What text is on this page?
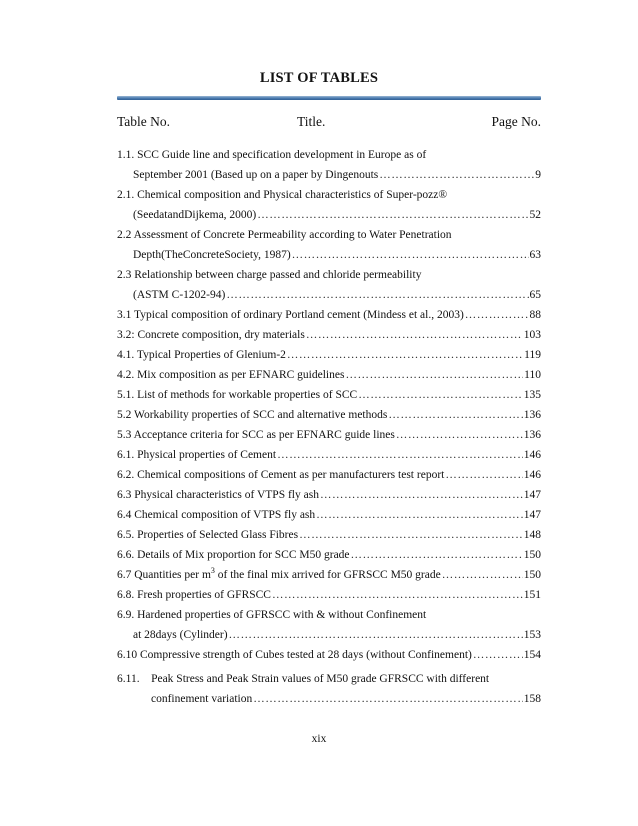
LIST OF TABLES
Table No.	Title.	Page No.
1.1. SCC Guide line and specification development in Europe as of
September 2001 (Based up on a paper by Dingenouts ……………………………………………………………………………………………………………………………………………………………………	9
2.1. Chemical composition and Physical characteristics of Super-pozz®
(SeedatandDijkema, 2000) ……………………………………………………………………………………………………………………………………………………………………	52
2.2 Assessment of Concrete Permeability according to Water Penetration
Depth(TheConcreteSociety, 1987) ……………………………………………………………………………………………………………………………………………………………………	63
2.3 Relationship between charge passed and chloride permeability
(ASTM C-1202-94) ……………………………………………………………………………………………………………………………………………………………………	65
3.1 Typical composition of ordinary Portland cement (Mindess et al., 2003) ……………………………………………………………………………………………………………………………………………………………………	88
3.2: Concrete composition, dry materials ……………………………………………………………………………………………………………………………………………………………………	103
4.1. Typical Properties of Glenium-2 ……………………………………………………………………………………………………………………………………………………………………	119
4.2. Mix composition as per EFNARC guidelines ……………………………………………………………………………………………………………………………………………………………………	110
5.1. List of methods for workable properties of SCC ……………………………………………………………………………………………………………………………………………………………………	135
5.2 Workability properties of SCC and alternative methods ……………………………………………………………………………………………………………………………………………………………………	136
5.3 Acceptance criteria for SCC as per EFNARC guide lines ……………………………………………………………………………………………………………………………………………………………………	136
6.1. Physical properties of Cement ……………………………………………………………………………………………………………………………………………………………………	146
6.2. Chemical compositions of Cement as per manufacturers test report ……………………………………………………………………………………………………………………………………………………………………	146
6.3 Physical characteristics of VTPS fly ash ……………………………………………………………………………………………………………………………………………………………………	147
6.4 Chemical composition of VTPS fly ash ……………………………………………………………………………………………………………………………………………………………………	147
6.5. Properties of Selected Glass Fibres ……………………………………………………………………………………………………………………………………………………………………	148
6.6. Details of Mix proportion for SCC M50 grade ……………………………………………………………………………………………………………………………………………………………………	150
6.7 Quantities per $m^3$ of the final mix arrived for GFRSCC M50 grade ……………………………………………………………………………………………………………………………………………………………………	150
6.8. Fresh properties of GFRSCC ……………………………………………………………………………………………………………………………………………………………………	151
6.9. Hardened properties of GFRSCC with & without Confinement
at 28days (Cylinder) ……………………………………………………………………………………………………………………………………………………………………	153
6.10 Compressive strength of Cubes tested at 28 days (without Confinement) ……………………………………………………………………………………………………………………………………………………………………	154
6.11. Peak Stress and Peak Strain values of M50 grade GFRSCC with different
confinement variation ……………………………………………………………………………………………………………………………………………………………………	158
xix
